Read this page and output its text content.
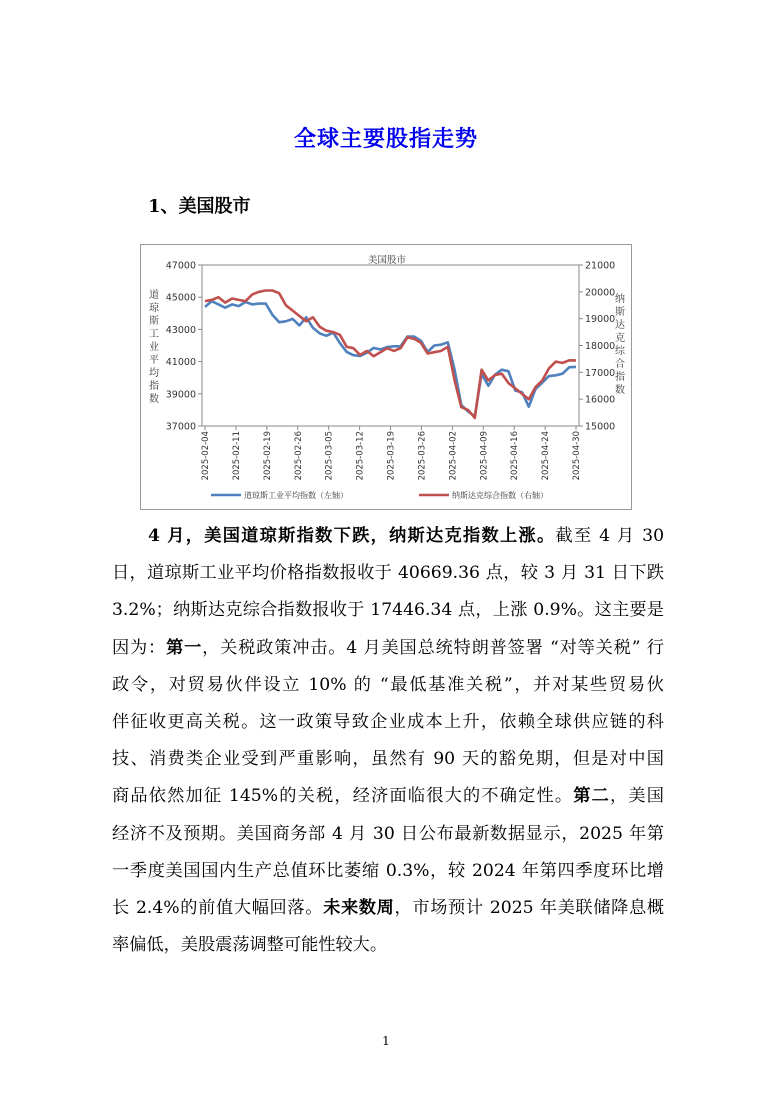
全球主要股指走势
1、美国股市
美国股市
47000
45000
43000
41000
39000
37000
21000
20000
19000
18000
17000
16000
15000
道琼斯工业平均指数
纳斯达克综合指数
2025-02-04 2025-02-11 2025-02-19 2025-02-26 2025-03-05 2025-03-12 2025-03-19 2025-03-26 2025-04-02 2025-04-09 2025-04-16 2025-04-24 2025-04-30
道琼斯工业平均指数（左轴）	纳斯达克综合指数（右轴）
4 月，美国道琼斯指数下跌，纳斯达克指数上涨。截至 4 月 30
日，道琼斯工业平均价格指数报收于 40669.36 点，较 3 月 31 日下跌
3.2%；纳斯达克综合指数报收于 17446.34 点，上涨 0.9%。这主要是
因为：第一，关税政策冲击。4 月美国总统特朗普签署 “对等关税” 行
政令，对贸易伙伴设立 10% 的 “最低基准关税”，并对某些贸易伙
伴征收更高关税。这一政策导致企业成本上升，依赖全球供应链的科
技、消费类企业受到严重影响，虽然有 90 天的豁免期，但是对中国
商品依然加征 145%的关税，经济面临很大的不确定性。第二，美国
经济不及预期。美国商务部 4 月 30 日公布最新数据显示，2025 年第
一季度美国国内生产总值环比萎缩 0.3%，较 2024 年第四季度环比增
长 2.4%的前值大幅回落。未来数周，市场预计 2025 年美联储降息概
率偏低，美股震荡调整可能性较大。
1
